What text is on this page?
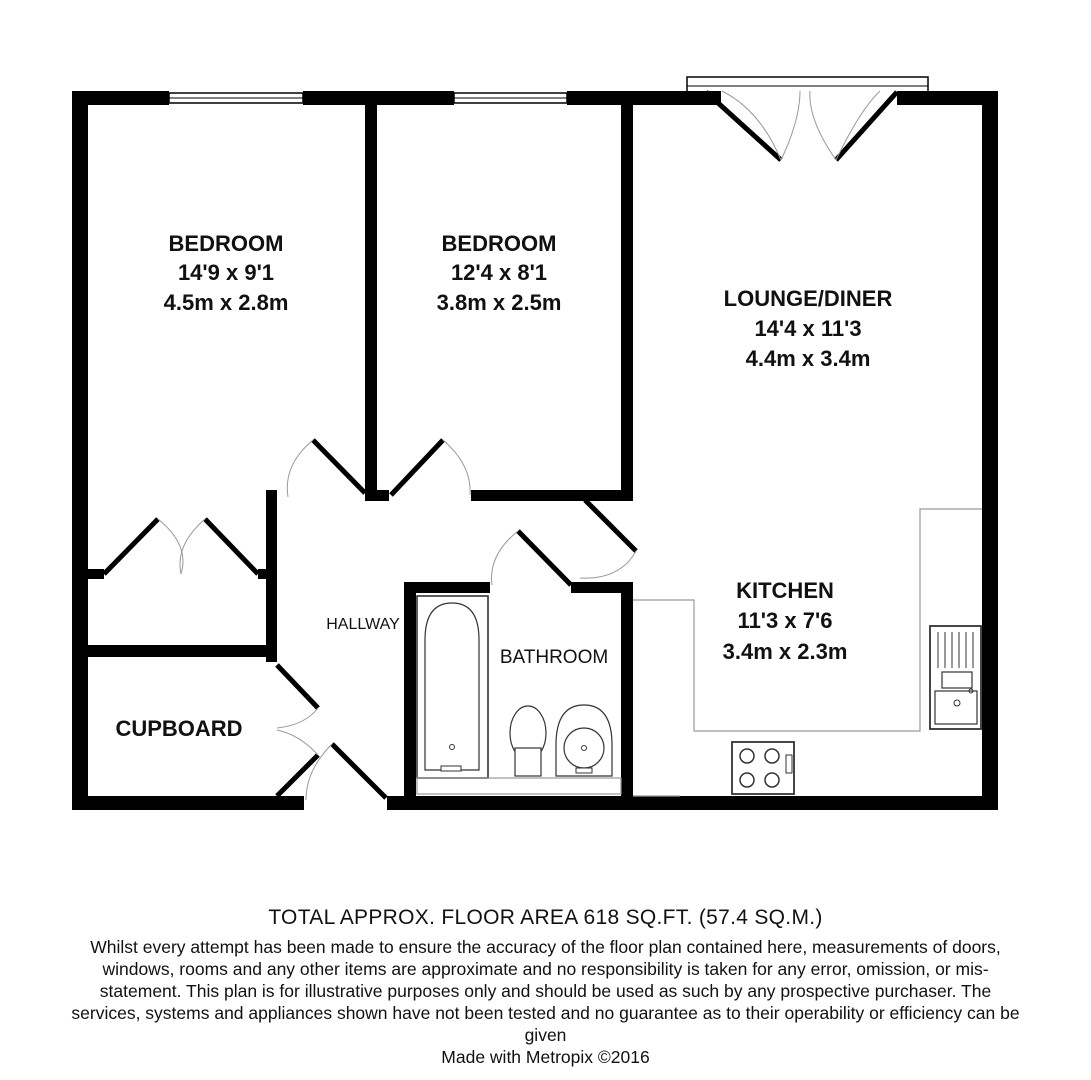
BEDROOM
14'9 x 9'1
4.5m x 2.8m
BEDROOM
12'4 x 8'1
3.8m x 2.5m	LOUNGE/DINER
14'4 x 11'3
4.4m x 3.4m
KITCHEN
11'3 x 7'6
3.4m x 2.3m
HALLWAY
BATHROOM
CUPBOARD
TOTAL APPROX. FLOOR AREA 618 SQ.FT. (57.4 SQ.M.)
Whilst every attempt has been made to ensure the accuracy of the floor plan contained here, measurements of doors, windows, rooms and any other items are approximate and no responsibility is taken for any error, omission, or mis-statement. This plan is for illustrative purposes only and should be used as such by any prospective purchaser. The services, systems and appliances shown have not been tested and no guarantee as to their operability or efficiency can be given
Made with Metropix ©2016
